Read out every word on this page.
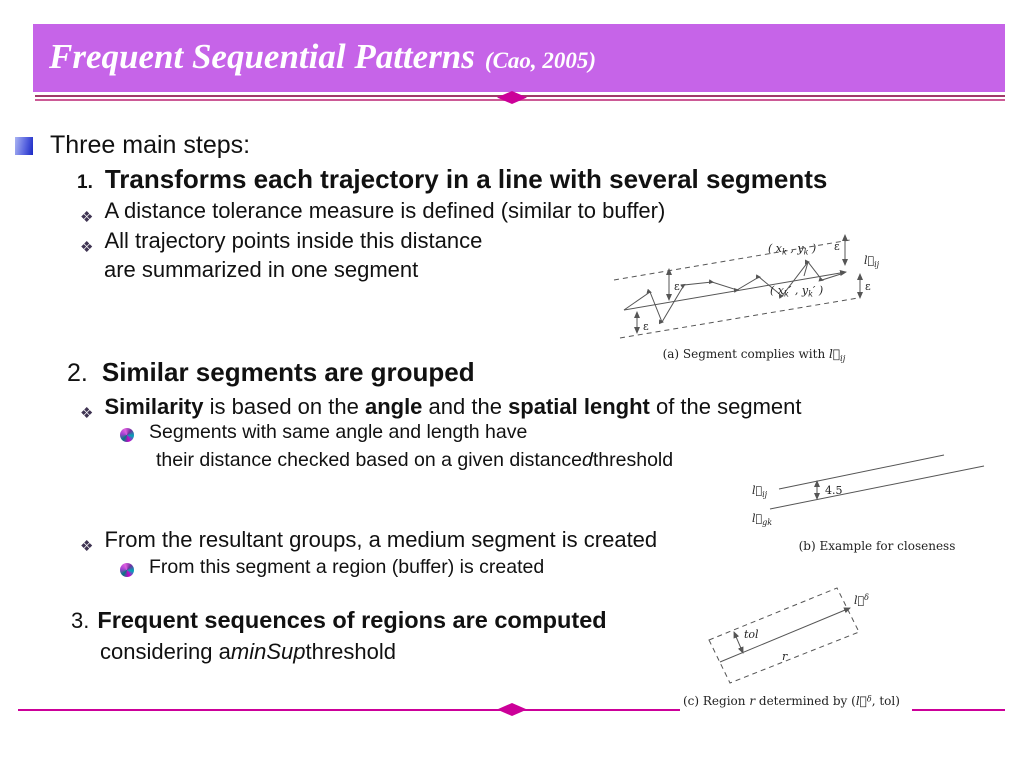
Frequent Sequential Patterns (Cao, 2005)
Three main steps:
1. Transforms each trajectory in a line with several segments
❖ A distance tolerance measure is defined (similar to buffer)
❖ All trajectory points inside this distance
are summarized in one segment
ε
ε
ε
ε
( $x_k$ , $y_k$ )
( $x_k'$ , $y_k'$ )
$l⃗_{ij}$
(a) Segment complies with $l⃗_{ij}$
2. Similar segments are grouped
❖ Similarity is based on the angle and the spatial lenght of the segment
Segments with same angle and length have
their distance checked based on a given distance d threshold
4.5
$l⃗_{ij}$
$l⃗_{gk}$
(b) Example for closeness
❖ From the resultant groups, a medium segment is created
From this segment a region (buffer) is created
3. Frequent sequences of regions are computed
considering a minSup threshold
tol
r
l⃗$^\delta$
(c) Region r determined by (l⃗$^\delta$, tol)
